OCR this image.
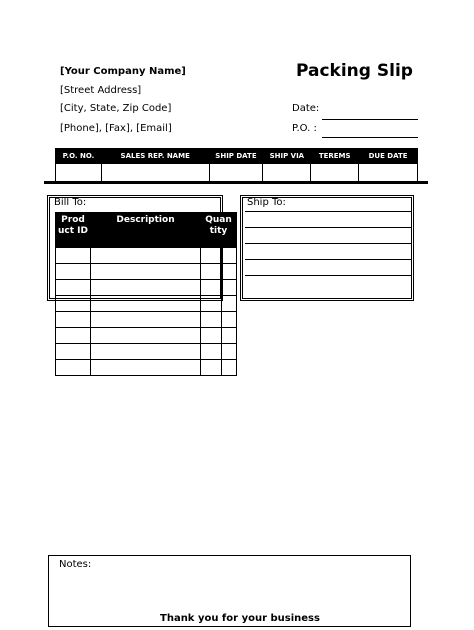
[Your Company Name]
[Street Address]
[City, State, Zip Code]
[Phone], [Fax], [Email]
Packing Slip
Date:
P.O. :
P.O. NO.	SALES REP. NAME	SHIP DATE	SHIP VIA	TEREMS	DUE DATE

Bill To:	Ship To:
Prod uct ID	Description	Quan tity	

Notes:
Thank you for your business
